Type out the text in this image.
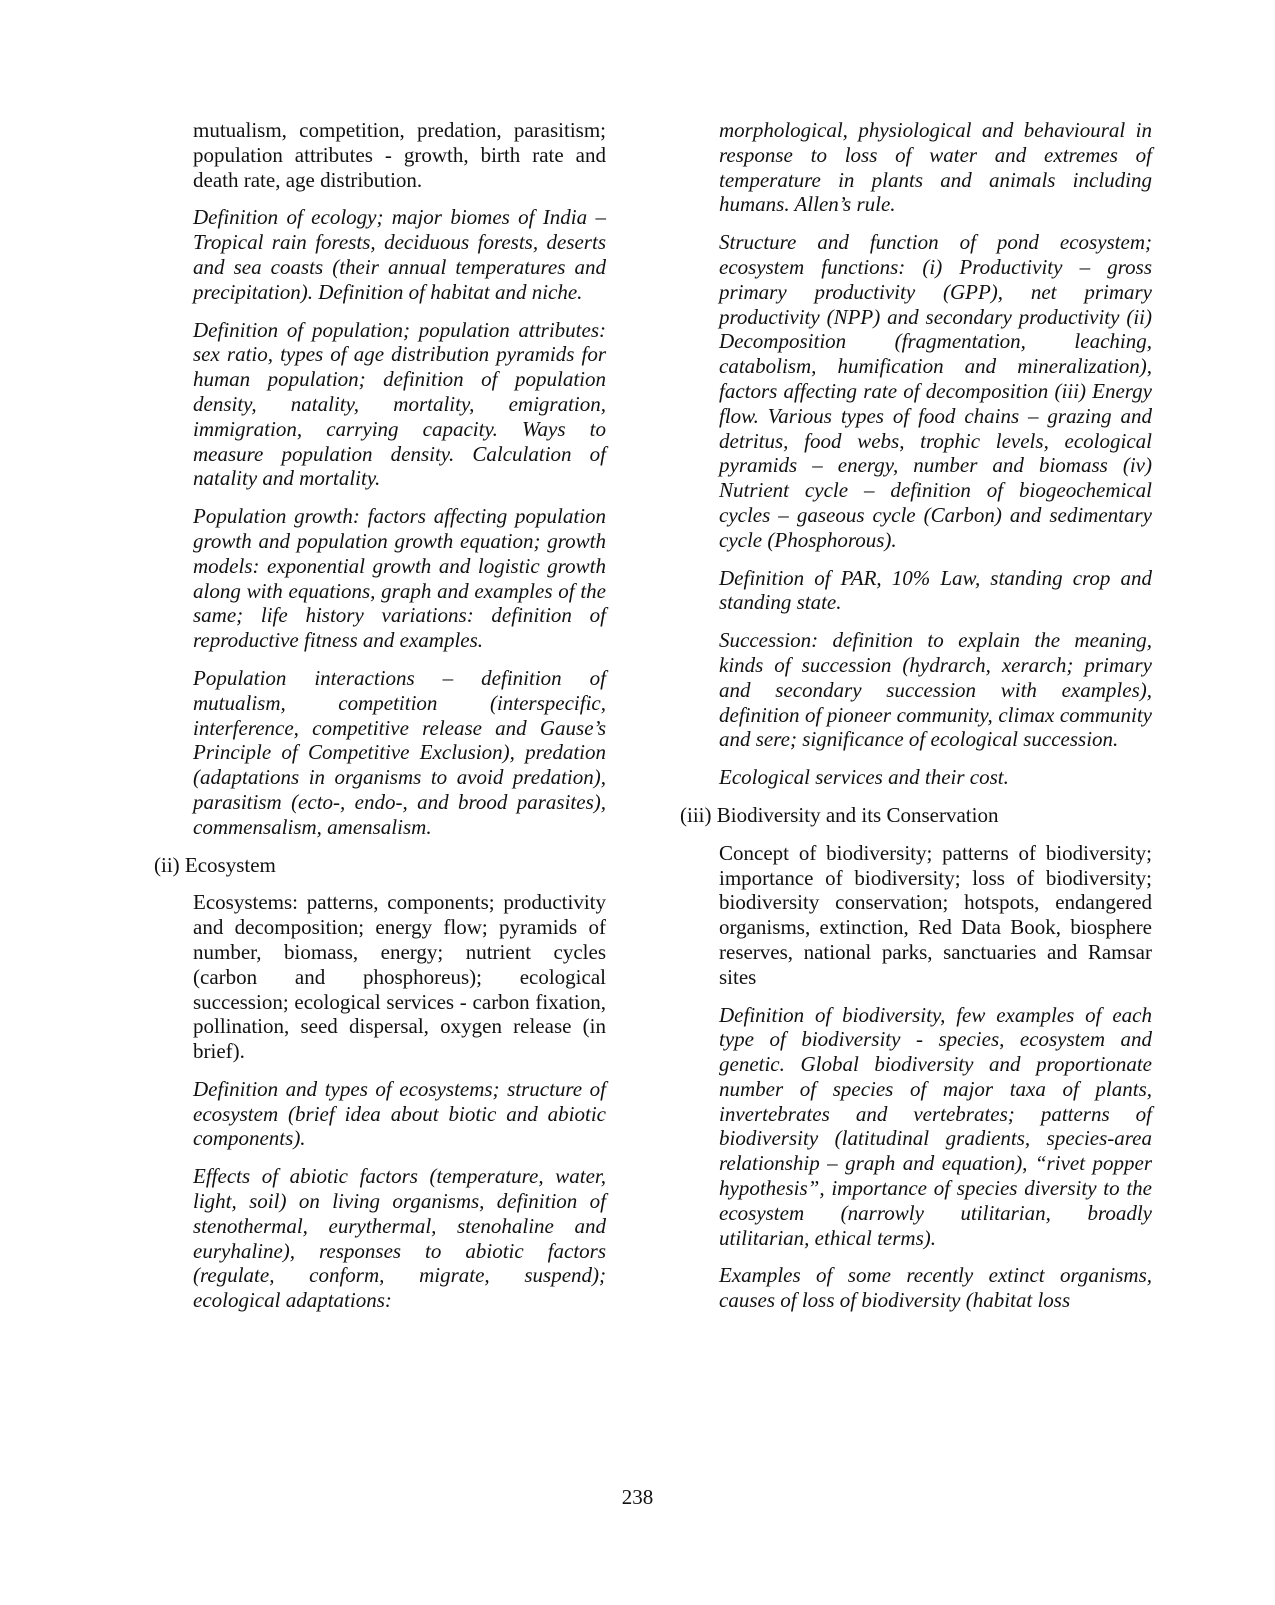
mutualism, competition, predation, parasitism; population attributes - growth, birth rate and death rate, age distribution.

Definition of ecology; major biomes of India – Tropical rain forests, deciduous forests, deserts and sea coasts (their annual temperatures and precipitation). Definition of habitat and niche.

Definition of population; population attributes: sex ratio, types of age distribution pyramids for human population; definition of population density, natality, mortality, emigration, immigration, carrying capacity. Ways to measure population density. Calculation of natality and mortality.

Population growth: factors affecting population growth and population growth equation; growth models: exponential growth and logistic growth along with equations, graph and examples of the same; life history variations: definition of reproductive fitness and examples.

Population interactions – definition of mutualism, competition (interspecific, interference, competitive release and Gause’s Principle of Competitive Exclusion), predation (adaptations in organisms to avoid predation), parasitism (ecto-, endo-, and brood parasites), commensalism, amensalism.

(ii) Ecosystem

Ecosystems: patterns, components; productivity and decomposition; energy flow; pyramids of number, biomass, energy; nutrient cycles (carbon and phosphoreus); ecological succession; ecological services - carbon fixation, pollination, seed dispersal, oxygen release (in brief).

Definition and types of ecosystems; structure of ecosystem (brief idea about biotic and abiotic components).

Effects of abiotic factors (temperature, water, light, soil) on living organisms, definition of stenothermal, eurythermal, stenohaline and euryhaline), responses to abiotic factors (regulate, conform, migrate, suspend); ecological adaptations:

morphological, physiological and behavioural in response to loss of water and extremes of temperature in plants and animals including humans. Allen’s rule.

Structure and function of pond ecosystem; ecosystem functions: (i) Productivity – gross primary productivity (GPP), net primary productivity (NPP) and secondary productivity (ii) Decomposition (fragmentation, leaching, catabolism, humification and mineralization), factors affecting rate of decomposition (iii) Energy flow. Various types of food chains – grazing and detritus, food webs, trophic levels, ecological pyramids – energy, number and biomass (iv) Nutrient cycle – definition of biogeochemical cycles – gaseous cycle (Carbon) and sedimentary cycle (Phosphorous).

Definition of PAR, 10% Law, standing crop and standing state.

Succession: definition to explain the meaning, kinds of succession (hydrarch, xerarch; primary and secondary succession with examples), definition of pioneer community, climax community and sere; significance of ecological succession.

Ecological services and their cost.

(iii) Biodiversity and its Conservation

Concept of biodiversity; patterns of biodiversity; importance of biodiversity; loss of biodiversity; biodiversity conservation; hotspots, endangered organisms, extinction, Red Data Book, biosphere reserves, national parks, sanctuaries and Ramsar sites

Definition of biodiversity, few examples of each type of biodiversity - species, ecosystem and genetic. Global biodiversity and proportionate number of species of major taxa of plants, invertebrates and vertebrates; patterns of biodiversity (latitudinal gradients, species-area relationship – graph and equation), “rivet popper hypothesis”, importance of species diversity to the ecosystem (narrowly utilitarian, broadly utilitarian, ethical terms).

Examples of some recently extinct organisms, causes of loss of biodiversity (habitat loss

238
